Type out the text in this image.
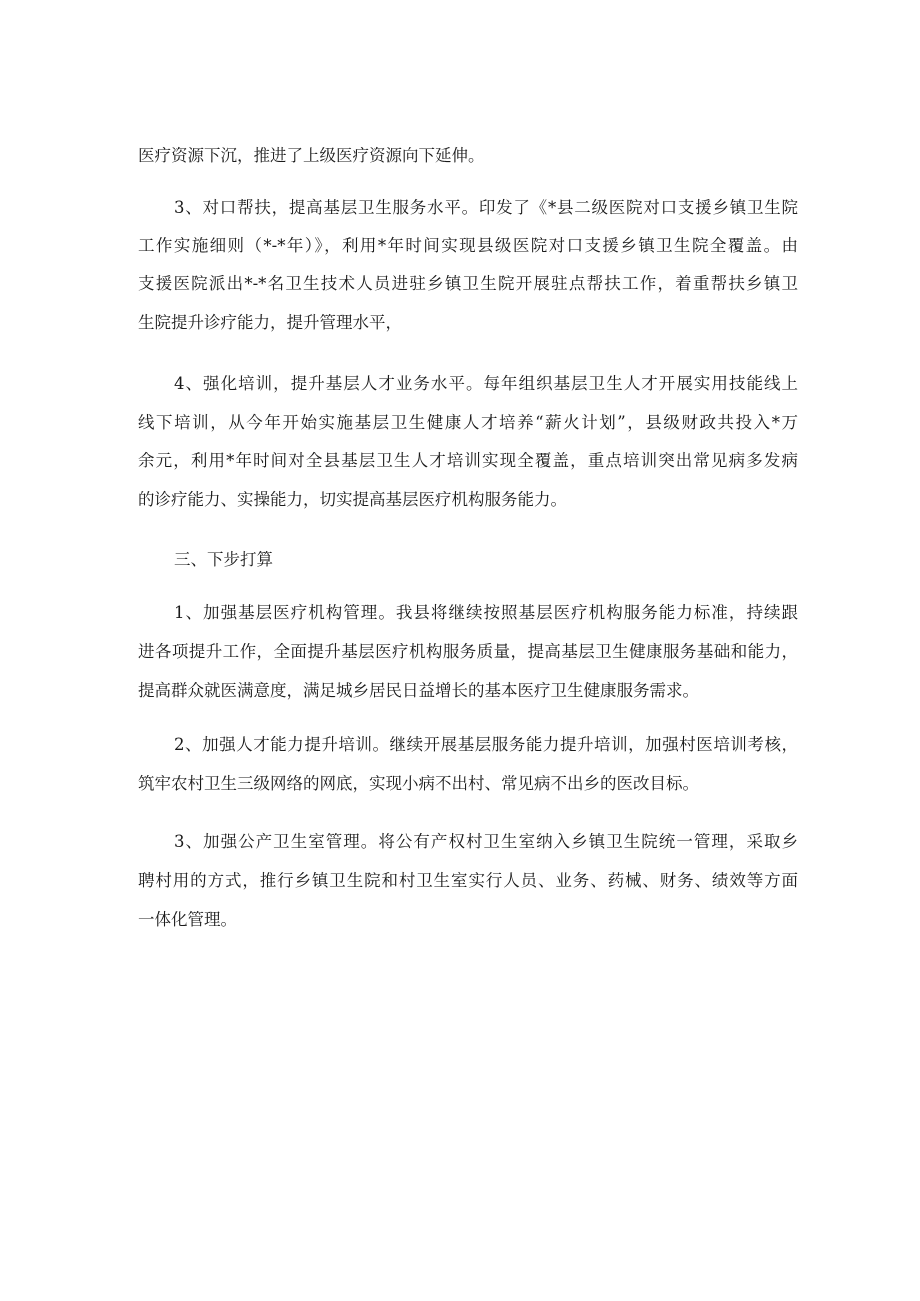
医疗资源下沉，推进了上级医疗资源向下延伸。
3、对口帮扶，提高基层卫生服务水平。印发了《*县二级医院对口支援乡镇卫生院
工作实施细则（*-*年）》，利用*年时间实现县级医院对口支援乡镇卫生院全覆盖。由
支援医院派出*-*名卫生技术人员进驻乡镇卫生院开展驻点帮扶工作，着重帮扶乡镇卫
生院提升诊疗能力，提升管理水平，
4、强化培训，提升基层人才业务水平。每年组织基层卫生人才开展实用技能线上
线下培训，从今年开始实施基层卫生健康人才培养“薪火计划”，县级财政共投入*万
余元，利用*年时间对全县基层卫生人才培训实现全覆盖，重点培训突出常见病多发病
的诊疗能力、实操能力，切实提高基层医疗机构服务能力。
三、下步打算
1、加强基层医疗机构管理。我县将继续按照基层医疗机构服务能力标准，持续跟
进各项提升工作，全面提升基层医疗机构服务质量，提高基层卫生健康服务基础和能力，
提高群众就医满意度，满足城乡居民日益增长的基本医疗卫生健康服务需求。
2、加强人才能力提升培训。继续开展基层服务能力提升培训，加强村医培训考核，
筑牢农村卫生三级网络的网底，实现小病不出村、常见病不出乡的医改目标。
3、加强公产卫生室管理。将公有产权村卫生室纳入乡镇卫生院统一管理，采取乡
聘村用的方式，推行乡镇卫生院和村卫生室实行人员、业务、药械、财务、绩效等方面
一体化管理。
